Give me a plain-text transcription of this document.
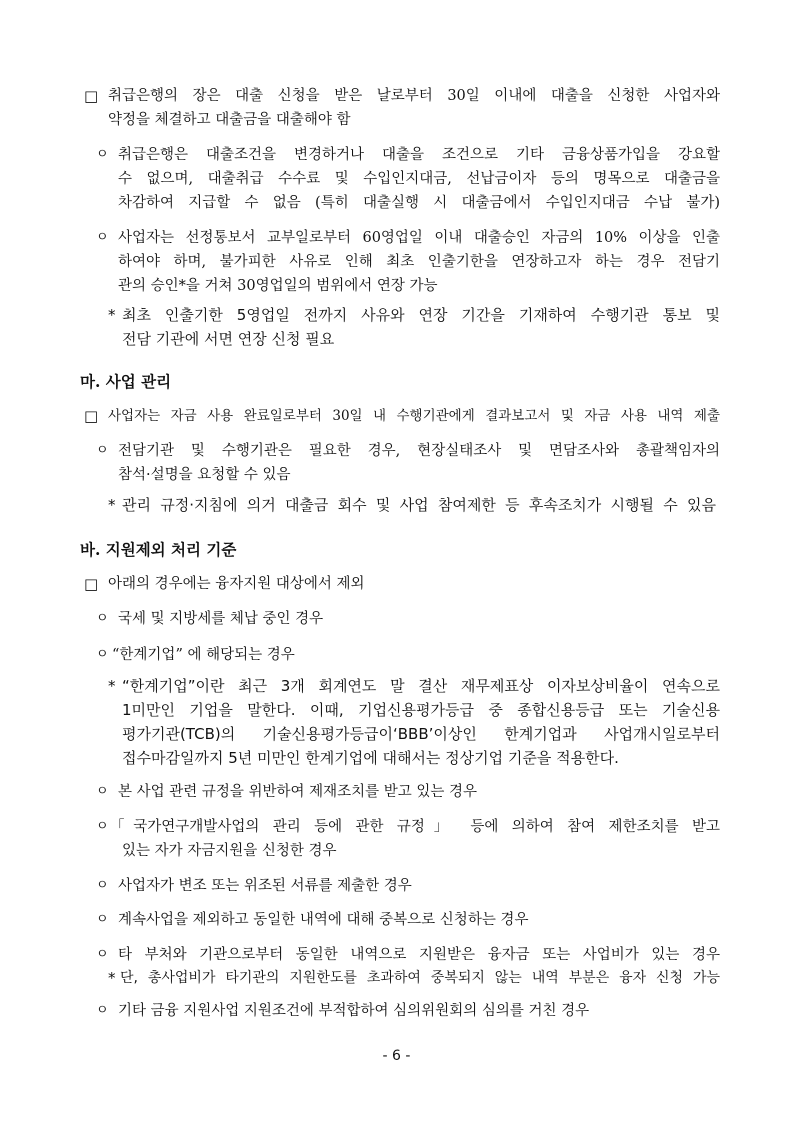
□ 취급은행의 장은 대출 신청을 받은 날로부터 30일 이내에 대출을 신청한 사업자와
약정을 체결하고 대출금을 대출해야 함
ㅇ 취급은행은 대출조건을 변경하거나 대출을 조건으로 기타 금융상품가입을 강요할
수 없으며, 대출취급 수수료 및 수입인지대금, 선납금이자 등의 명목으로 대출금을
차감하여 지급할 수 없음 (특히 대출실행 시 대출금에서 수입인지대금 수납 불가)
ㅇ 사업자는 선정통보서 교부일로부터 60영업일 이내 대출승인 자금의 10% 이상을 인출
하여야 하며, 불가피한 사유로 인해 최초 인출기한을 연장하고자 하는 경우 전담기
관의 승인*을 거쳐 30영업일의 범위에서 연장 가능
* 최초 인출기한 5영업일 전까지 사유와 연장 기간을 기재하여 수행기관 통보 및
전담 기관에 서면 연장 신청 필요
마. 사업 관리
□ 사업자는 자금 사용 완료일로부터 30일 내 수행기관에게 결과보고서 및 자금 사용 내역 제출
ㅇ 전담기관 및 수행기관은 필요한 경우, 현장실태조사 및 면담조사와 총괄책임자의
참석·설명을 요청할 수 있음
* 관리 규정·지침에 의거 대출금 회수 및 사업 참여제한 등 후속조치가 시행될 수 있음
바. 지원제외 처리 기준
□ 아래의 경우에는 융자지원 대상에서 제외
ㅇ 국세 및 지방세를 체납 중인 경우
ㅇ “한계기업” 에 해당되는 경우
* “한계기업”이란 최근 3개 회계연도 말 결산 재무제표상 이자보상비율이 연속으로
1미만인 기업을 말한다. 이때, 기업신용평가등급 중 종합신용등급 또는 기술신용
평가기관(TCB)의 기술신용평가등급이‘BBB’이상인 한계기업과 사업개시일로부터
접수마감일까지 5년 미만인 한계기업에 대해서는 정상기업 기준을 적용한다.
ㅇ 본 사업 관련 규정을 위반하여 제재조치를 받고 있는 경우
ㅇ 「국가연구개발사업의 관리 등에 관한 규정」 등에 의하여 참여 제한조치를 받고
있는 자가 자금지원을 신청한 경우
ㅇ 사업자가 변조 또는 위조된 서류를 제출한 경우
ㅇ 계속사업을 제외하고 동일한 내역에 대해 중복으로 신청하는 경우
ㅇ 타 부처와 기관으로부터 동일한 내역으로 지원받은 융자금 또는 사업비가 있는 경우
* 단, 총사업비가 타기관의 지원한도를 초과하여 중복되지 않는 내역 부분은 융자 신청 가능
ㅇ 기타 금융 지원사업 지원조건에 부적합하여 심의위원회의 심의를 거친 경우
- 6 -
